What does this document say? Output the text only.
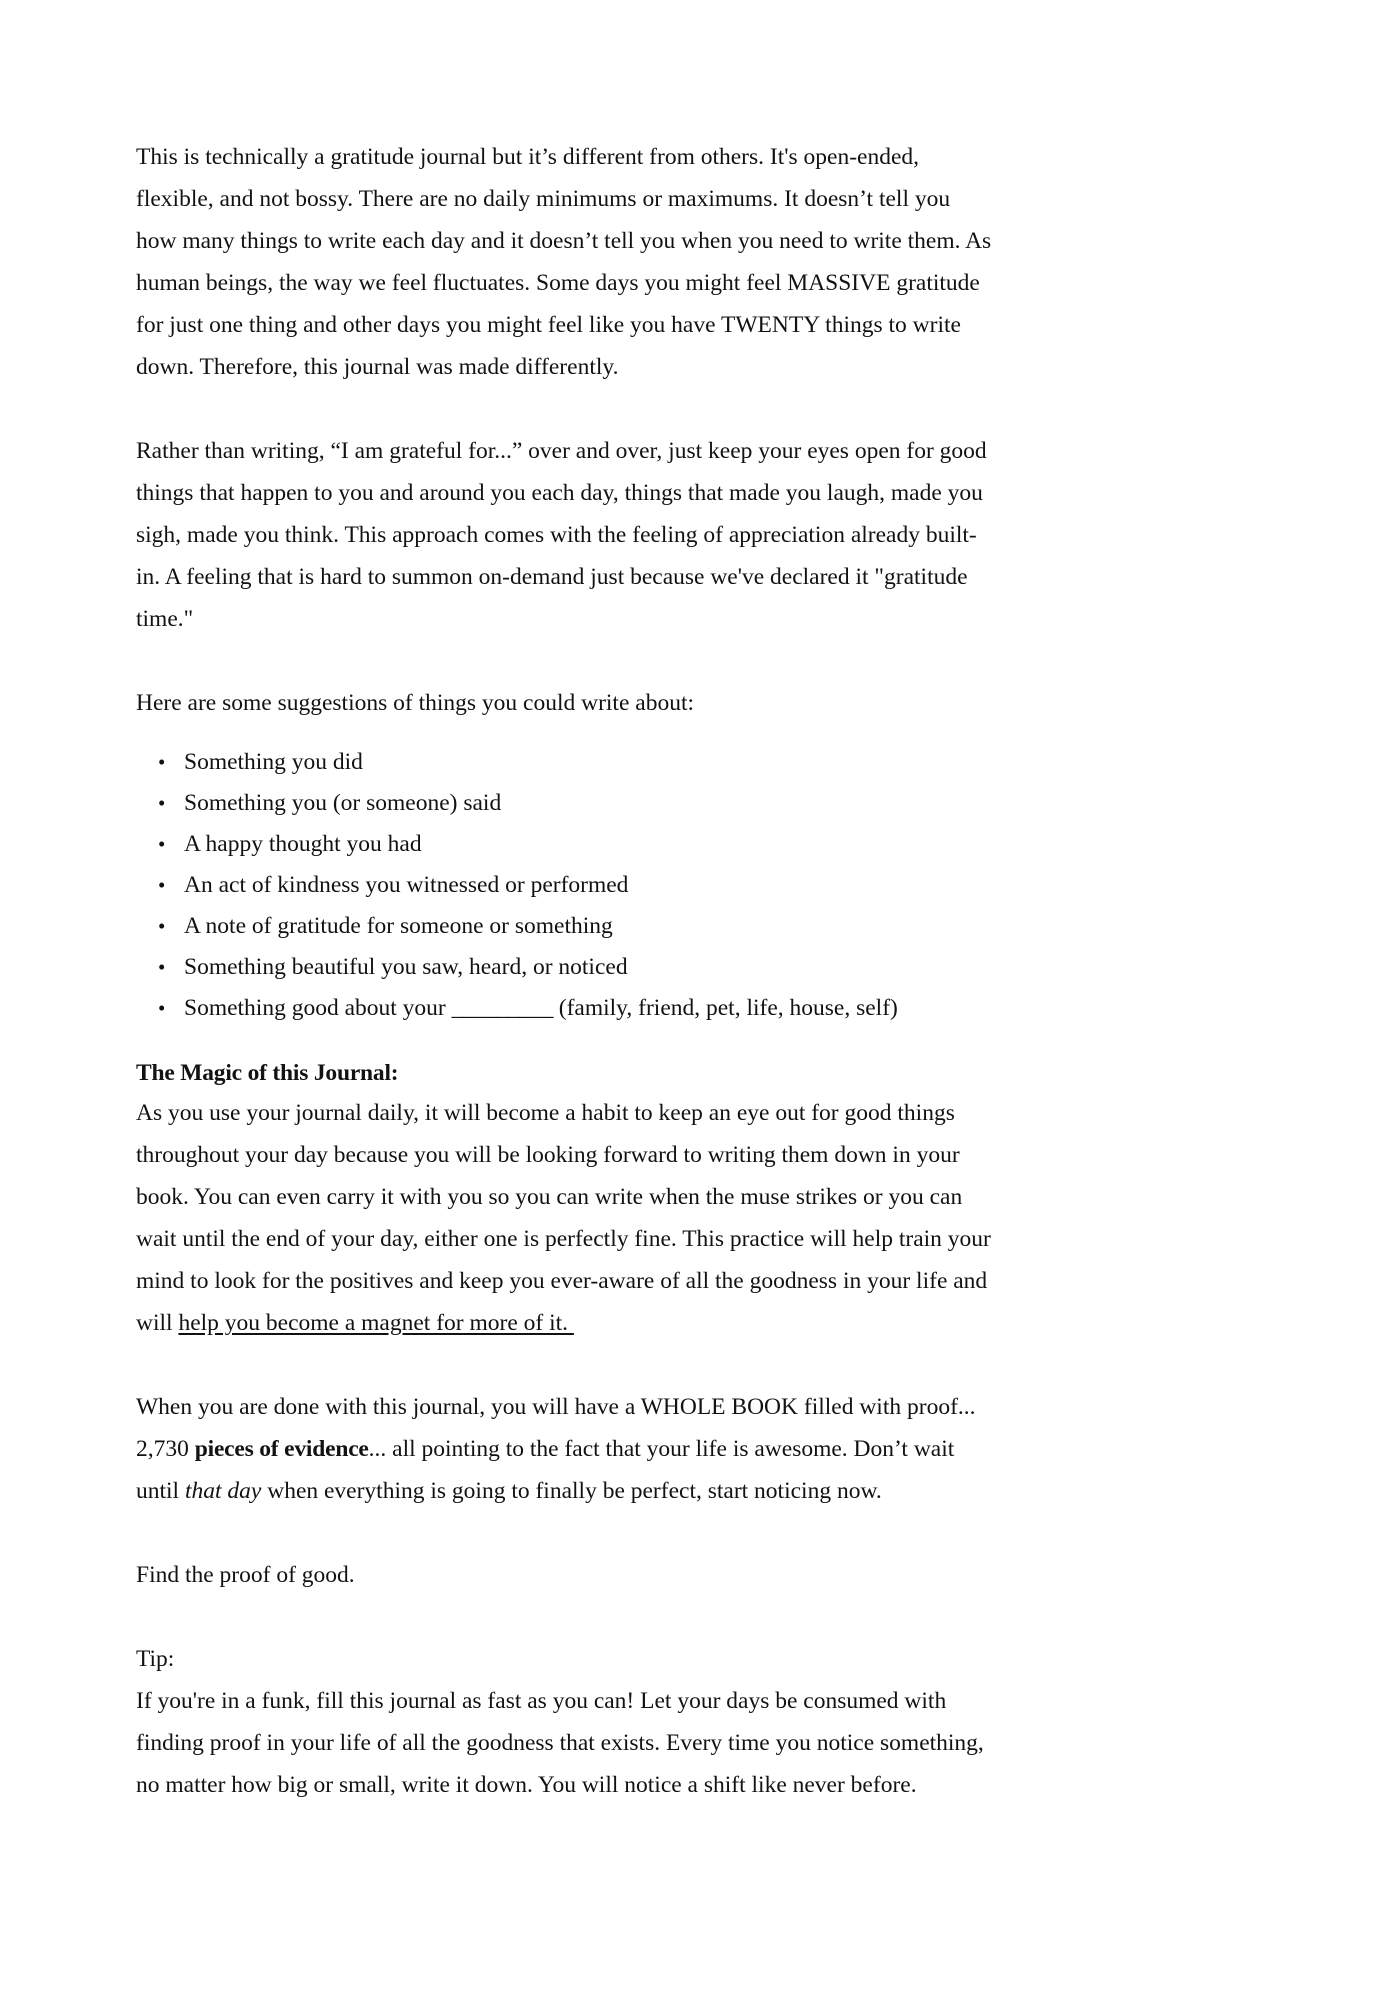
This is technically a gratitude journal but it’s different from others. It's open-ended, flexible, and not bossy. There are no daily minimums or maximums. It doesn’t tell you how many things to write each day and it doesn’t tell you when you need to write them. As human beings, the way we feel fluctuates. Some days you might feel MASSIVE gratitude for just one thing and other days you might feel like you have TWENTY things to write down. Therefore, this journal was made differently.

Rather than writing, “I am grateful for...” over and over, just keep your eyes open for good things that happen to you and around you each day, things that made you laugh, made you sigh, made you think. This approach comes with the feeling of appreciation already built-in. A feeling that is hard to summon on-demand just because we've declared it "gratitude time."

Here are some suggestions of things you could write about:

• Something you did
• Something you (or someone) said
• A happy thought you had
• An act of kindness you witnessed or performed
• A note of gratitude for someone or something
• Something beautiful you saw, heard, or noticed
• Something good about your _________ (family, friend, pet, life, house, self)

The Magic of this Journal:

As you use your journal daily, it will become a habit to keep an eye out for good things throughout your day because you will be looking forward to writing them down in your book. You can even carry it with you so you can write when the muse strikes or you can wait until the end of your day, either one is perfectly fine. This practice will help train your mind to look for the positives and keep you ever-aware of all the goodness in your life and will help you become a magnet for more of it.

When you are done with this journal, you will have a WHOLE BOOK filled with proof... 2,730 pieces of evidence... all pointing to the fact that your life is awesome. Don’t wait until that day when everything is going to finally be perfect, start noticing now.

Find the proof of good.

Tip:

If you're in a funk, fill this journal as fast as you can! Let your days be consumed with finding proof in your life of all the goodness that exists. Every time you notice something, no matter how big or small, write it down. You will notice a shift like never before.
